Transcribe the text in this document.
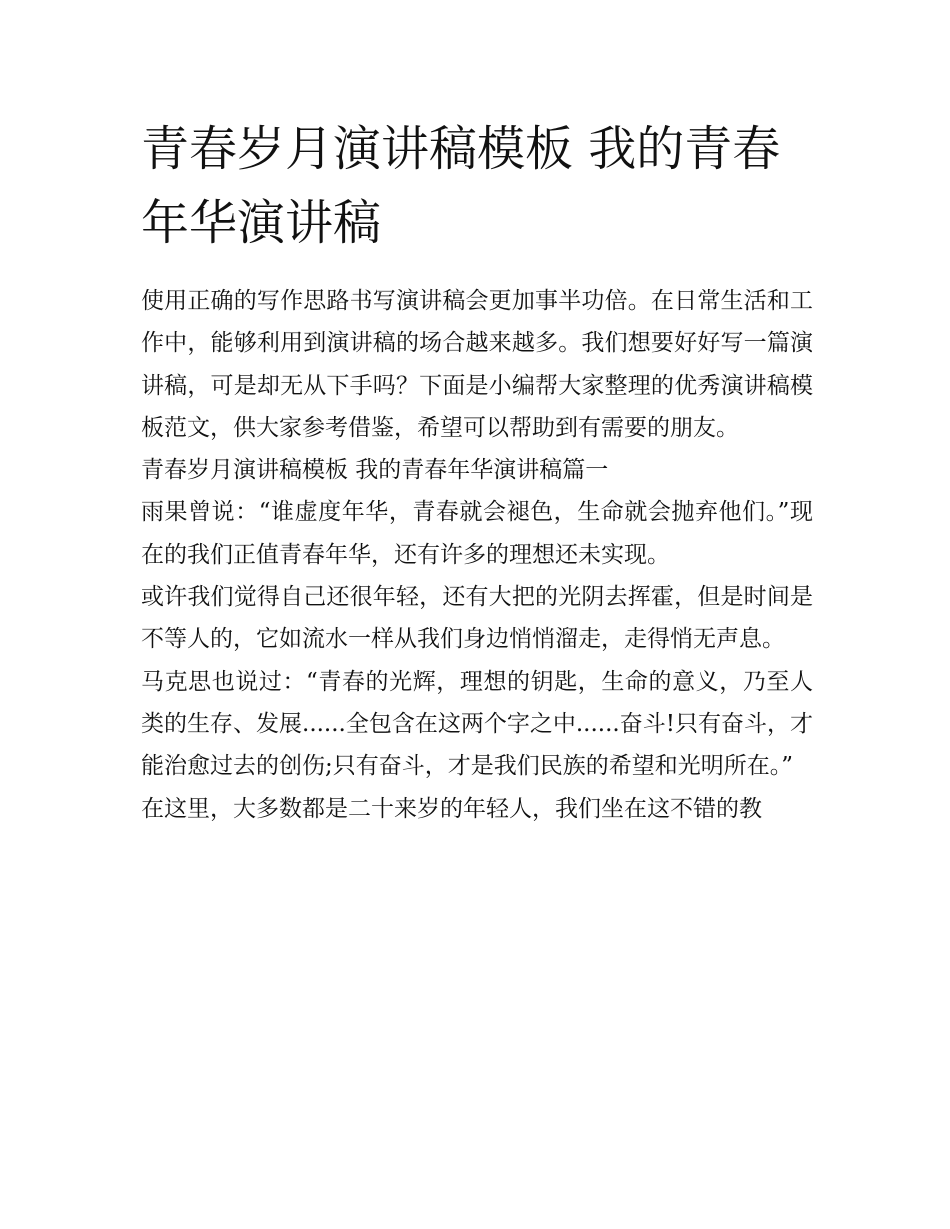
青春岁月演讲稿模板 我的青春年华演讲稿

使用正确的写作思路书写演讲稿会更加事半功倍。在日常生活和工作中，能够利用到演讲稿的场合越来越多。我们想要好好写一篇演讲稿，可是却无从下手吗？下面是小编帮大家整理的优秀演讲稿模板范文，供大家参考借鉴，希望可以帮助到有需要的朋友。

青春岁月演讲稿模板 我的青春年华演讲稿篇一

雨果曾说：“谁虚度年华，青春就会褪色，生命就会抛弃他们。”现在的我们正值青春年华，还有许多的理想还未实现。

或许我们觉得自己还很年轻，还有大把的光阴去挥霍，但是时间是不等人的，它如流水一样从我们身边悄悄溜走，走得悄无声息。

马克思也说过：“青春的光辉，理想的钥匙，生命的意义，乃至人类的生存、发展......全包含在这两个字之中......奋斗!只有奋斗，才能治愈过去的创伤;只有奋斗，才是我们民族的希望和光明所在。”

在这里，大多数都是二十来岁的年轻人，我们坐在这不错的教
